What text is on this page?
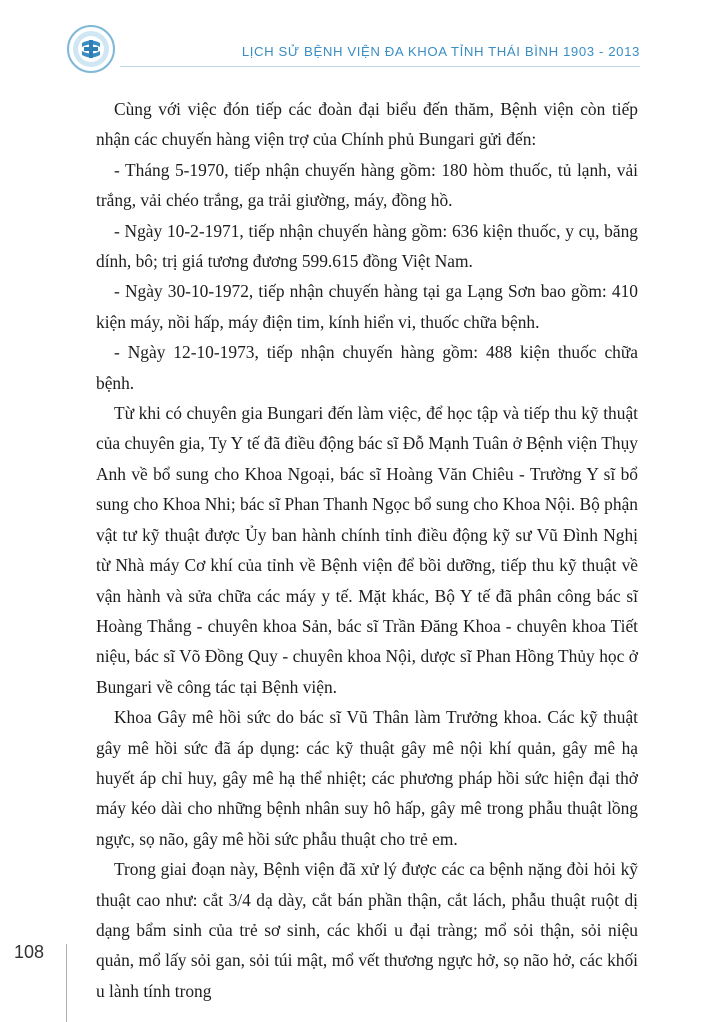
LỊCH SỬ BỆNH VIỆN ĐA KHOA TỈNH THÁI BÌNH 1903 - 2013

Cùng với việc đón tiếp các đoàn đại biểu đến thăm, Bệnh viện còn tiếp nhận các chuyến hàng viện trợ của Chính phủ Bungari gửi đến:

- Tháng 5-1970, tiếp nhận chuyến hàng gồm: 180 hòm thuốc, tủ lạnh, vải trắng, vải chéo trắng, ga trải giường, máy, đồng hồ.

- Ngày 10-2-1971, tiếp nhận chuyến hàng gồm: 636 kiện thuốc, y cụ, băng dính, bô; trị giá tương đương 599.615 đồng Việt Nam.

- Ngày 30-10-1972, tiếp nhận chuyến hàng tại ga Lạng Sơn bao gồm: 410 kiện máy, nồi hấp, máy điện tim, kính hiển vi, thuốc chữa bệnh.

- Ngày 12-10-1973, tiếp nhận chuyến hàng gồm: 488 kiện thuốc chữa bệnh.

Từ khi có chuyên gia Bungari đến làm việc, để học tập và tiếp thu kỹ thuật của chuyên gia, Ty Y tế đã điều động bác sĩ Đỗ Mạnh Tuân ở Bệnh viện Thụy Anh về bổ sung cho Khoa Ngoại, bác sĩ Hoàng Văn Chiêu - Trường Y sĩ bổ sung cho Khoa Nhi; bác sĩ Phan Thanh Ngọc bổ sung cho Khoa Nội. Bộ phận vật tư kỹ thuật được Ủy ban hành chính tỉnh điều động kỹ sư Vũ Đình Nghị từ Nhà máy Cơ khí của tỉnh về Bệnh viện để bồi dưỡng, tiếp thu kỹ thuật về vận hành và sửa chữa các máy y tế. Mặt khác, Bộ Y tế đã phân công bác sĩ Hoàng Thắng - chuyên khoa Sản, bác sĩ Trần Đăng Khoa - chuyên khoa Tiết niệu, bác sĩ Võ Đồng Quy - chuyên khoa Nội, dược sĩ Phan Hồng Thủy học ở Bungari về công tác tại Bệnh viện.

Khoa Gây mê hồi sức do bác sĩ Vũ Thân làm Trưởng khoa. Các kỹ thuật gây mê hồi sức đã áp dụng: các kỹ thuật gây mê nội khí quản, gây mê hạ huyết áp chỉ huy, gây mê hạ thể nhiệt; các phương pháp hồi sức hiện đại thở máy kéo dài cho những bệnh nhân suy hô hấp, gây mê trong phẫu thuật lồng ngực, sọ não, gây mê hồi sức phẫu thuật cho trẻ em.

Trong giai đoạn này, Bệnh viện đã xử lý được các ca bệnh nặng đòi hỏi kỹ thuật cao như: cắt 3/4 dạ dày, cắt bán phần thận, cắt lách, phẫu thuật ruột dị dạng bẩm sinh của trẻ sơ sinh, các khối u đại tràng; mổ sỏi thận, sỏi niệu quản, mổ lấy sỏi gan, sỏi túi mật, mổ vết thương ngực hở, sọ não hở, các khối u lành tính trong

108
